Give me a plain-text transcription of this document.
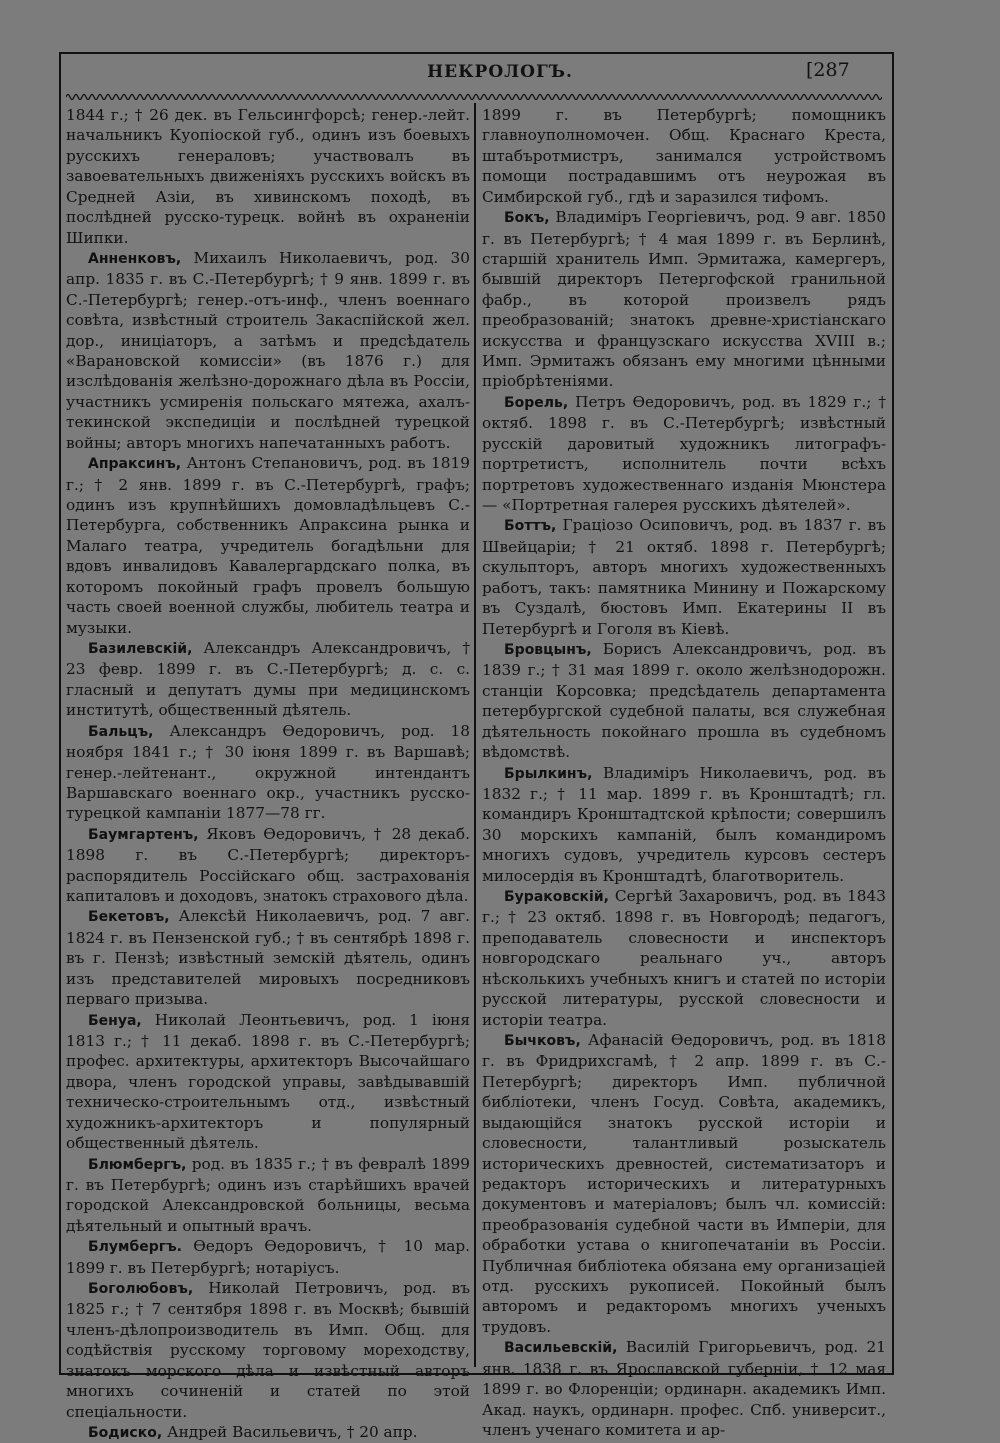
НЕКРОЛОГЪ.	[287

1844 г.; † 26 дек. въ Гельсингфорсѣ; генер.-лейт. начальникъ Куопіоской губ., одинъ изъ боевыхъ русскихъ генераловъ; участвовалъ въ завоевательныхъ движеніяхъ русскихъ войскъ въ Средней Азіи, въ хивинскомъ походѣ, въ послѣдней русско-турецк. войнѣ въ охраненіи Шипки.

Анненковъ, Михаилъ Николаевичъ, род. 30 апр. 1835 г. въ С.-Петербургѣ; † 9 янв. 1899 г. въ С.-Петербургѣ; генер.-отъ-инф., членъ военнаго совѣта, извѣстный строитель Закаспійской жел. дор., иниціаторъ, а затѣмъ и предсѣдатель «Варановской комиссіи» (въ 1876 г.) для изслѣдованія желѣзно-дорожнаго дѣла въ Россіи, участникъ усмиренія польскаго мятежа, ахалъ-текинской экспедиціи и послѣдней турецкой войны; авторъ многихъ напечатанныхъ работъ.

Апраксинъ, Антонъ Степановичъ, род. въ 1819 г.; † 2 янв. 1899 г. въ С.-Петербургѣ, графъ; одинъ изъ крупнѣйшихъ домовладѣльцевъ С.-Петербурга, собственникъ Апраксина рынка и Малаго театра, учредитель богадѣльни для вдовъ инвалидовъ Кавалергардскаго полка, въ которомъ покойный графъ провелъ большую часть своей военной службы, любитель театра и музыки.

Базилевскій, Александръ Александровичъ, † 23 февр. 1899 г. въ С.-Петербургѣ; д. с. с. гласный и депутатъ думы при медицинскомъ институтѣ, общественный дѣятель.

Бальцъ, Александръ Өедоровичъ, род. 18 ноября 1841 г.; † 30 іюня 1899 г. въ Варшавѣ; генер.-лейтенант., окружной интендантъ Варшавскаго военнаго окр., участникъ русско-турецкой кампаніи 1877—78 гг.

Баумгартенъ, Яковъ Өедоровичъ, † 28 декаб. 1898 г. въ С.-Петербургѣ; директоръ-распорядитель Россійскаго общ. застрахованія капиталовъ и доходовъ, знатокъ страхового дѣла.

Бекетовъ, Алексѣй Николаевичъ, род. 7 авг. 1824 г. въ Пензенской губ.; † въ сентябрѣ 1898 г. въ г. Пензѣ; извѣстный земскій дѣятель, одинъ изъ представителей мировыхъ посредниковъ перваго призыва.

Бенуа, Николай Леонтьевичъ, род. 1 іюня 1813 г.; † 11 декаб. 1898 г. въ С.-Петербургѣ; профес. архитектуры, архитекторъ Высочайшаго двора, членъ городской управы, завѣдывавшій техническо-строительнымъ отд., извѣстный художникъ-архитекторъ и популярный общественный дѣятель.

Блюмбергъ, род. въ 1835 г.; † въ февралѣ 1899 г. въ Петербургѣ; одинъ изъ старѣйшихъ врачей городской Александровской больницы, весьма дѣятельный и опытный врачъ.

Блумбергъ. Өедоръ Өедоровичъ, † 10 мар. 1899 г. въ Петербургѣ; нотаріусъ.

Боголюбовъ, Николай Петровичъ, род. въ 1825 г.; † 7 сентября 1898 г. въ Москвѣ; бывшій членъ-дѣлопроизводитель въ Имп. Общ. для содѣйствія русскому торговому мореходству, знатокъ морского дѣла и извѣстный авторъ многихъ сочиненій и статей по этой спеціальности.

Бодиско, Андрей Васильевичъ, † 20 апр.

1899 г. въ Петербургѣ; помощникъ главноуполномочен. Общ. Краснаго Креста, штабъротмистръ, занимался устройствомъ помощи пострадавшимъ отъ неурожая въ Симбирской губ., гдѣ и заразился тифомъ.

Бокъ, Владиміръ Георгіевичъ, род. 9 авг. 1850 г. въ Петербургѣ; † 4 мая 1899 г. въ Берлинѣ, старшій хранитель Имп. Эрмитажа, камергеръ, бывшій директоръ Петергофской гранильной фабр., въ которой произвелъ рядъ преобразованій; знатокъ древне-христіанскаго искусства и французскаго искусства XVIII в.; Имп. Эрмитажъ обязанъ ему многими цѣнными пріобрѣтеніями.

Борель, Петръ Өедоровичъ, род. въ 1829 г.; † октяб. 1898 г. въ С.-Петербургѣ; извѣстный русскій даровитый художникъ литографъ-портретистъ, исполнитель почти всѣхъ портретовъ художественнаго изданія Мюнстера — «Портретная галерея русскихъ дѣятелей».

Боттъ, Граціозо Осиповичъ, род. въ 1837 г. въ Швейцаріи; † 21 октяб. 1898 г. Петербургѣ; скульпторъ, авторъ многихъ художественныхъ работъ, такъ: памятника Минину и Пожарскому въ Суздалѣ, бюстовъ Имп. Екатерины II въ Петербургѣ и Гоголя въ Кіевѣ.

Бровцынъ, Борисъ Александровичъ, род. въ 1839 г.; † 31 мая 1899 г. около желѣзнодорожн. станціи Корсовка; предсѣдатель департамента петербургской судебной палаты, вся служебная дѣятельность покойнаго прошла въ судебномъ вѣдомствѣ.

Брылкинъ, Владиміръ Николаевичъ, род. въ 1832 г.; † 11 мар. 1899 г. въ Кронштадтѣ; гл. командиръ Кронштадтской крѣпости; совершилъ 30 морскихъ кампаній, былъ командиромъ многихъ судовъ, учредитель курсовъ сестеръ милосердія въ Кронштадтѣ, благотворитель.

Бураковскій, Сергѣй Захаровичъ, род. въ 1843 г.; † 23 октяб. 1898 г. въ Новгородѣ; педагогъ, преподаватель словесности и инспекторъ новгородскаго реальнаго уч., авторъ нѣсколькихъ учебныхъ книгъ и статей по исторіи русской литературы, русской словесности и исторіи театра.

Бычковъ, Афанасій Өедоровичъ, род. въ 1818 г. въ Фридрихсгамѣ, † 2 апр. 1899 г. въ С.-Петербургѣ; директоръ Имп. публичной библіотеки, членъ Госуд. Совѣта, академикъ, выдающійся знатокъ русской исторіи и словесности, талантливый розыскатель историческихъ древностей, систематизаторъ и редакторъ историческихъ и литературныхъ документовъ и матеріаловъ; былъ чл. комиссій: преобразованія судебной части въ Имперіи, для обработки устава о книгопечатаніи въ Россіи. Публичная библіотека обязана ему организаціей отд. русскихъ рукописей. Покойный былъ авторомъ и редакторомъ многихъ ученыхъ трудовъ.

Васильевскій, Василій Григорьевичъ, род. 21 янв. 1838 г. въ Ярославской губерніи, † 12 мая 1899 г. во Флоренціи; ординарн. академикъ Имп. Акад. наукъ, ординарн. профес. Спб. университ., членъ ученаго комитета и ар-
